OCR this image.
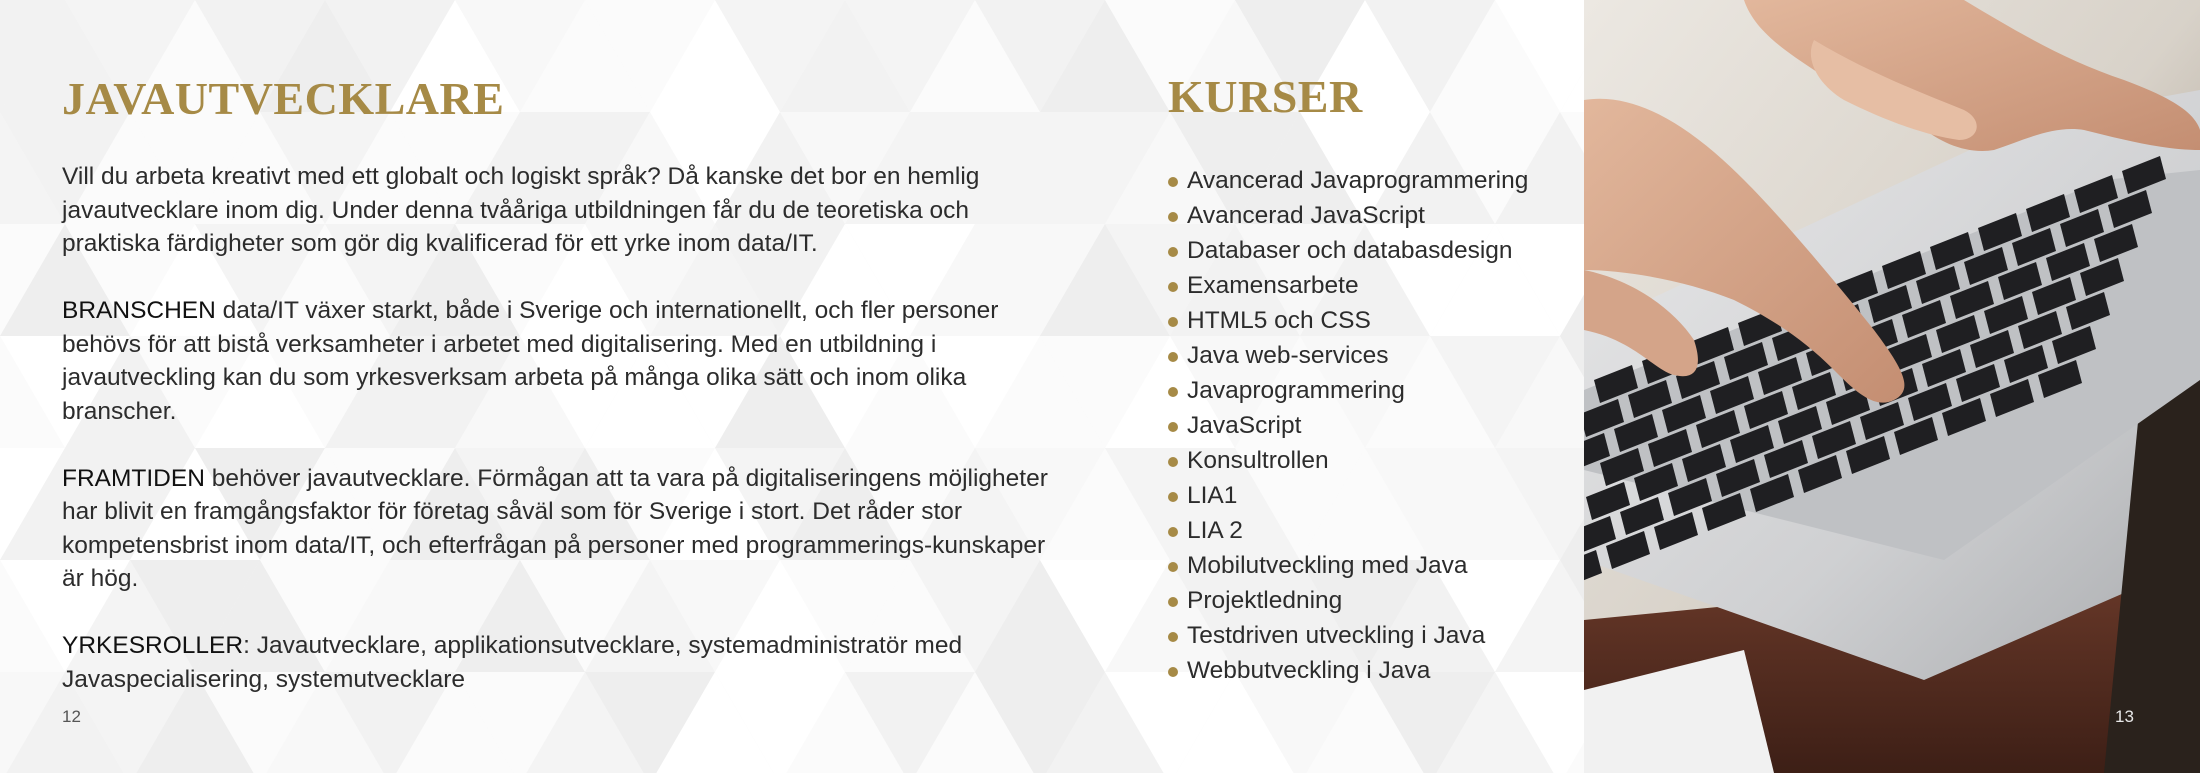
JAVAUTVECKLARE

Vill du arbeta kreativt med ett globalt och logiskt språk? Då kanske det bor en hemlig javautvecklare inom dig. Under denna tvååriga utbildningen får du de teoretiska och praktiska färdigheter som gör dig kvalificerad för ett yrke inom data/IT.

BRANSCHEN data/IT växer starkt, både i Sverige och internationellt, och fler personer behövs för att bistå verksamheter i arbetet med digitalisering. Med en utbildning i javautveckling kan du som yrkesverksam arbeta på många olika sätt och inom olika branscher.

FRAMTIDEN behöver javautvecklare. Förmågan att ta vara på digitaliseringens möjligheter har blivit en framgångsfaktor för företag såväl som för Sverige i stort. Det råder stor kompetensbrist inom data/IT, och efterfrågan på personer med programmerings-kunskaper är hög.

YRKESROLLER: Javautvecklare, applikationsutvecklare, systemadministratör med Javaspecialisering, systemutvecklare

12
KURSER
Avancerad Javaprogrammering
Avancerad JavaScript
Databaser och databasdesign
Examensarbete
HTML5 och CSS
Java web-services
Javaprogrammering
JavaScript
Konsultrollen
LIA1
LIA 2
Mobilutveckling med Java
Projektledning
Testdriven utveckling i Java
Webbutveckling i Java
13
